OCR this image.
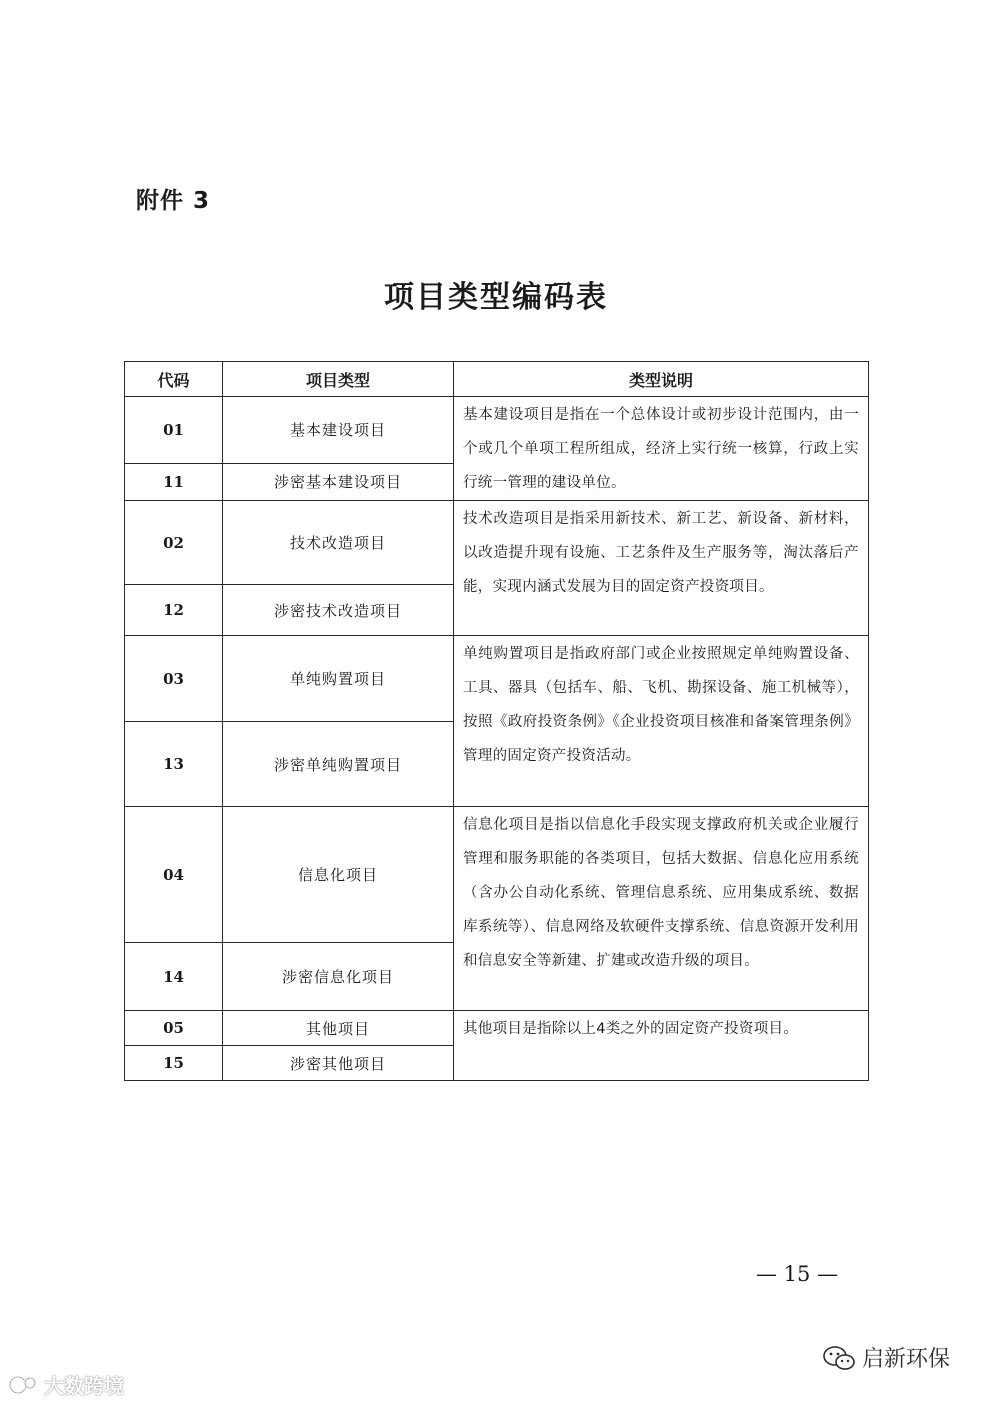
附件 3
项目类型编码表
代码	项目类型	类型说明
01	基本建设项目	基本建设项目是指在一个总体设计或初步设计范围内，由一个或几个单项工程所组成，经济上实行统一核算，行政上实行统一管理的建设单位。
11	涉密基本建设项目	
02	技术改造项目	技术改造项目是指采用新技术、新工艺、新设备、新材料，以改造提升现有设施、工艺条件及生产服务等，淘汰落后产能，实现内涵式发展为目的固定资产投资项目。
12	涉密技术改造项目	
03	单纯购置项目	单纯购置项目是指政府部门或企业按照规定单纯购置设备、工具、器具（包括车、船、飞机、勘探设备、施工机械等），按照《政府投资条例》《企业投资项目核准和备案管理条例》管理的固定资产投资活动。
13	涉密单纯购置项目	
04	信息化项目	信息化项目是指以信息化手段实现支撑政府机关或企业履行管理和服务职能的各类项目，包括大数据、信息化应用系统（含办公自动化系统、管理信息系统、应用集成系统、数据库系统等）、信息网络及软硬件支撑系统、信息资源开发利用和信息安全等新建、扩建或改造升级的项目。
14	涉密信息化项目	
05	其他项目	其他项目是指除以上4类之外的固定资产投资项目。
15	涉密其他项目	
— 15 —
大数跨境
启新环保
